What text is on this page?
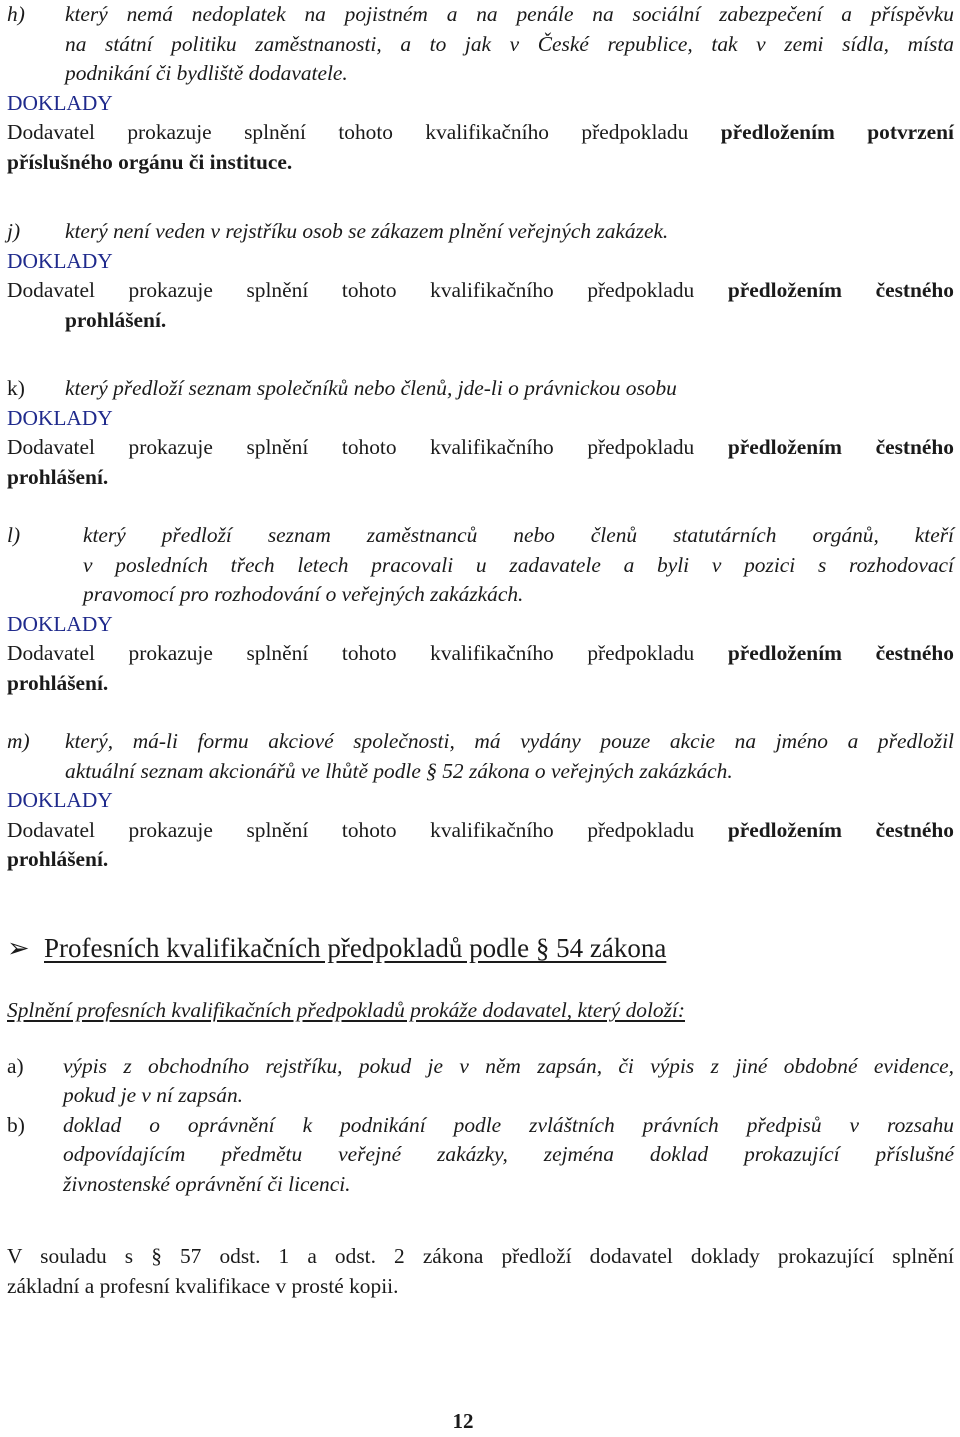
h)	který nemá nedoplatek na pojistném a na penále na sociální zabezpečení a příspěvku
na státní politiku zaměstnanosti, a to jak v České republice, tak v zemi sídla, místa
podnikání či bydliště dodavatele.
DOKLADY
Dodavatel prokazuje splnění tohoto kvalifikačního předpokladu předložením potvrzení
příslušného orgánu či instituce.
j)	který není veden v rejstříku osob se zákazem plnění veřejných zakázek.
DOKLADY
Dodavatel prokazuje splnění tohoto kvalifikačního předpokladu předložením čestného
prohlášení.
k)	který předloží seznam společníků nebo členů, jde-li o právnickou osobu
DOKLADY
Dodavatel prokazuje splnění tohoto kvalifikačního předpokladu předložením čestného
prohlášení.
l)	který předloží seznam zaměstnanců nebo členů statutárních orgánů, kteří
v posledních třech letech pracovali u zadavatele a byli v pozici s rozhodovací
pravomocí pro rozhodování o veřejných zakázkách.
DOKLADY
Dodavatel prokazuje splnění tohoto kvalifikačního předpokladu předložením čestného
prohlášení.
m)	který, má-li formu akciové společnosti, má vydány pouze akcie na jméno a předložil
aktuální seznam akcionářů ve lhůtě podle § 52 zákona o veřejných zakázkách.
DOKLADY
Dodavatel prokazuje splnění tohoto kvalifikačního předpokladu předložením čestného
prohlášení.
➢ Profesních kvalifikačních předpokladů podle § 54 zákona
Splnění profesních kvalifikačních předpokladů prokáže dodavatel, který doloží:
a)	výpis z obchodního rejstříku, pokud je v něm zapsán, či výpis z jiné obdobné evidence,
pokud je v ní zapsán.
b)	doklad o oprávnění k podnikání podle zvláštních právních předpisů v rozsahu
odpovídajícím předmětu veřejné zakázky, zejména doklad prokazující příslušné
živnostenské oprávnění či licenci.
V souladu s § 57 odst. 1 a odst. 2 zákona předloží dodavatel doklady prokazující splnění
základní a profesní kvalifikace v prosté kopii.
12
